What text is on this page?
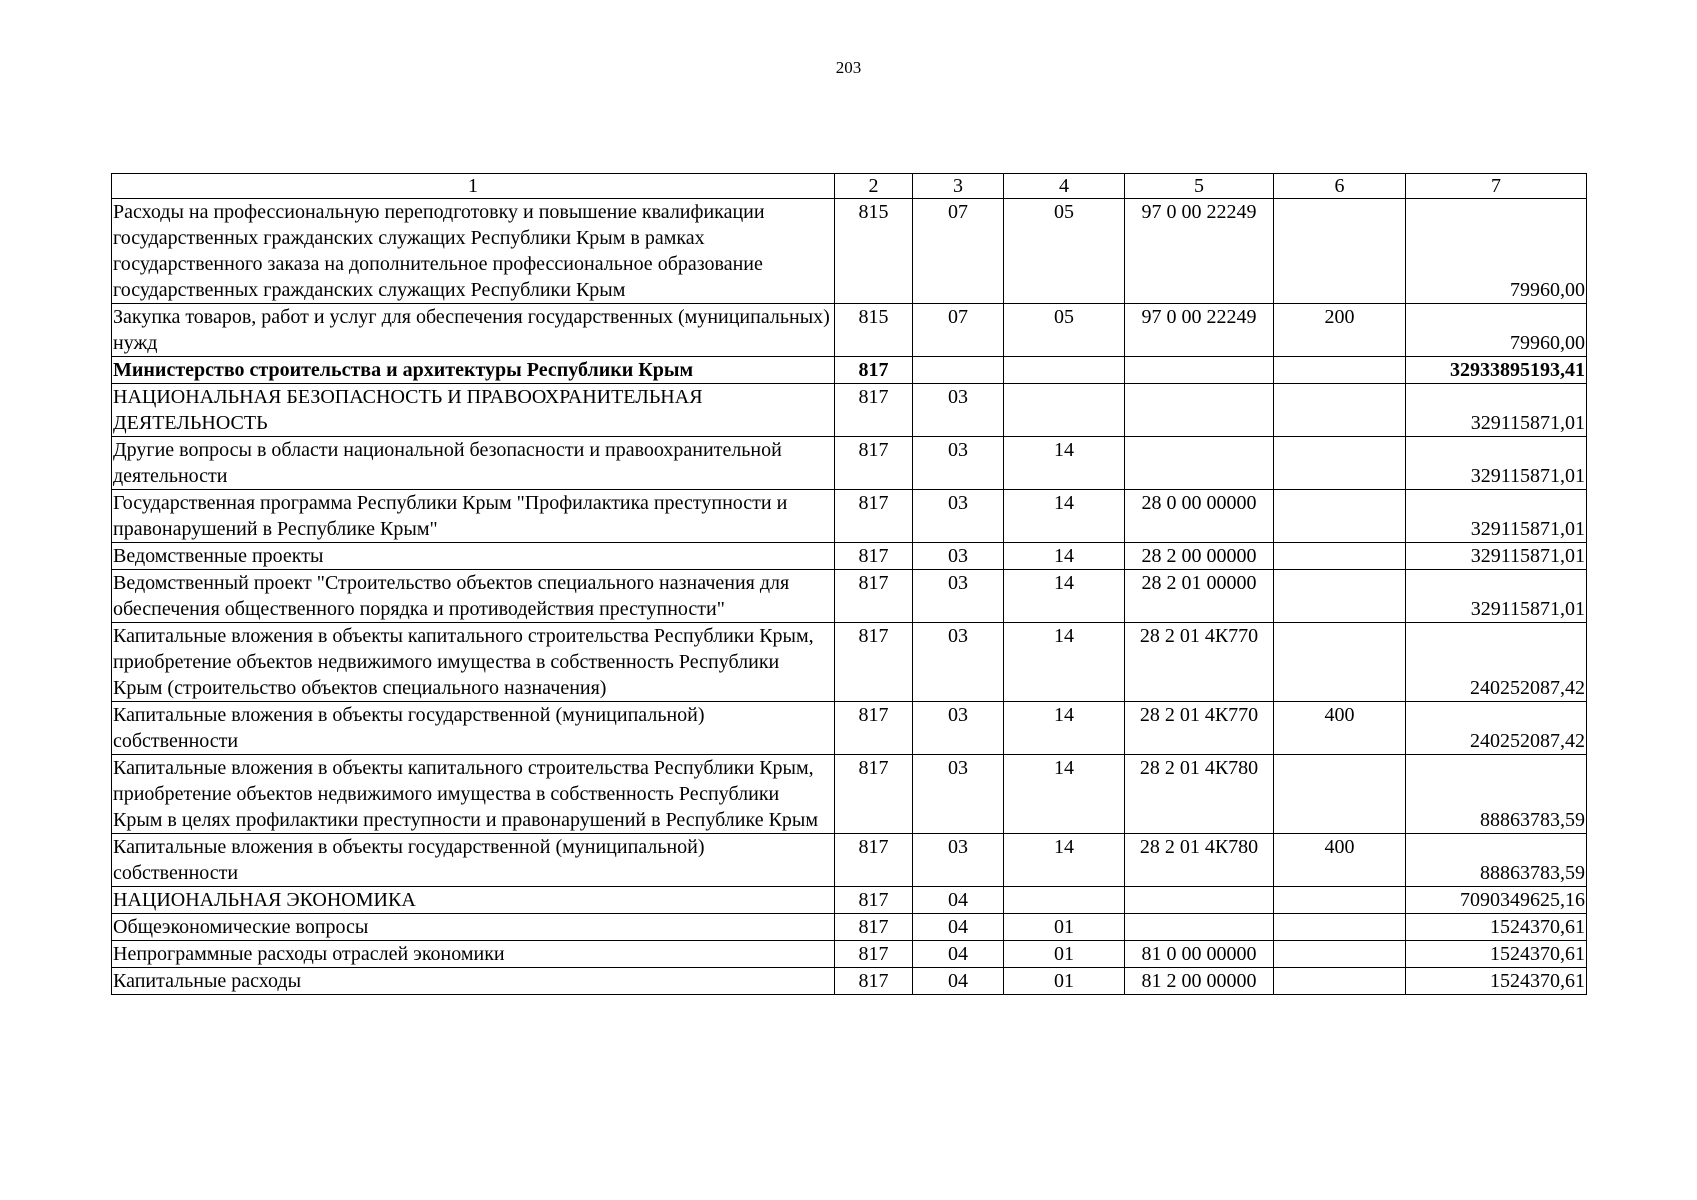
203
1	2	3	4	5	6	7
Расходы на профессиональную переподготовку и повышение квалификации государственных гражданских служащих Республики Крым в рамках государственного заказа на дополнительное профессиональное образование государственных гражданских служащих Республики Крым	815	07	05	97 0 00 22249		79960,00
Закупка товаров, работ и услуг для обеспечения государственных (муниципальных) нужд	815	07	05	97 0 00 22249	200	79960,00
Министерство строительства и архитектуры Республики Крым	817					32933895193,41
НАЦИОНАЛЬНАЯ БЕЗОПАСНОСТЬ И ПРАВООХРАНИТЕЛЬНАЯ ДЕЯТЕЛЬНОСТЬ	817	03				329115871,01
Другие вопросы в области национальной безопасности и правоохранительной деятельности	817	03	14			329115871,01
Государственная программа Республики Крым "Профилактика преступности и правонарушений в Республике Крым"	817	03	14	28 0 00 00000		329115871,01
Ведомственные проекты	817	03	14	28 2 00 00000		329115871,01
Ведомственный проект "Строительство объектов специального назначения для обеспечения общественного порядка и противодействия преступности"	817	03	14	28 2 01 00000		329115871,01
Капитальные вложения в объекты капитального строительства Республики Крым, приобретение объектов недвижимого имущества в собственность Республики Крым (строительство объектов специального назначения)	817	03	14	28 2 01 4К770		240252087,42
Капитальные вложения в объекты государственной (муниципальной) собственности	817	03	14	28 2 01 4К770	400	240252087,42
Капитальные вложения в объекты капитального строительства Республики Крым, приобретение объектов недвижимого имущества в собственность Республики Крым в целях профилактики преступности и правонарушений в Республике Крым	817	03	14	28 2 01 4К780		88863783,59
Капитальные вложения в объекты государственной (муниципальной) собственности	817	03	14	28 2 01 4К780	400	88863783,59
НАЦИОНАЛЬНАЯ ЭКОНОМИКА	817	04				7090349625,16
Общеэкономические вопросы	817	04	01			1524370,61
Непрограммные расходы отраслей экономики	817	04	01	81 0 00 00000		1524370,61
Капитальные расходы	817	04	01	81 2 00 00000		1524370,61
